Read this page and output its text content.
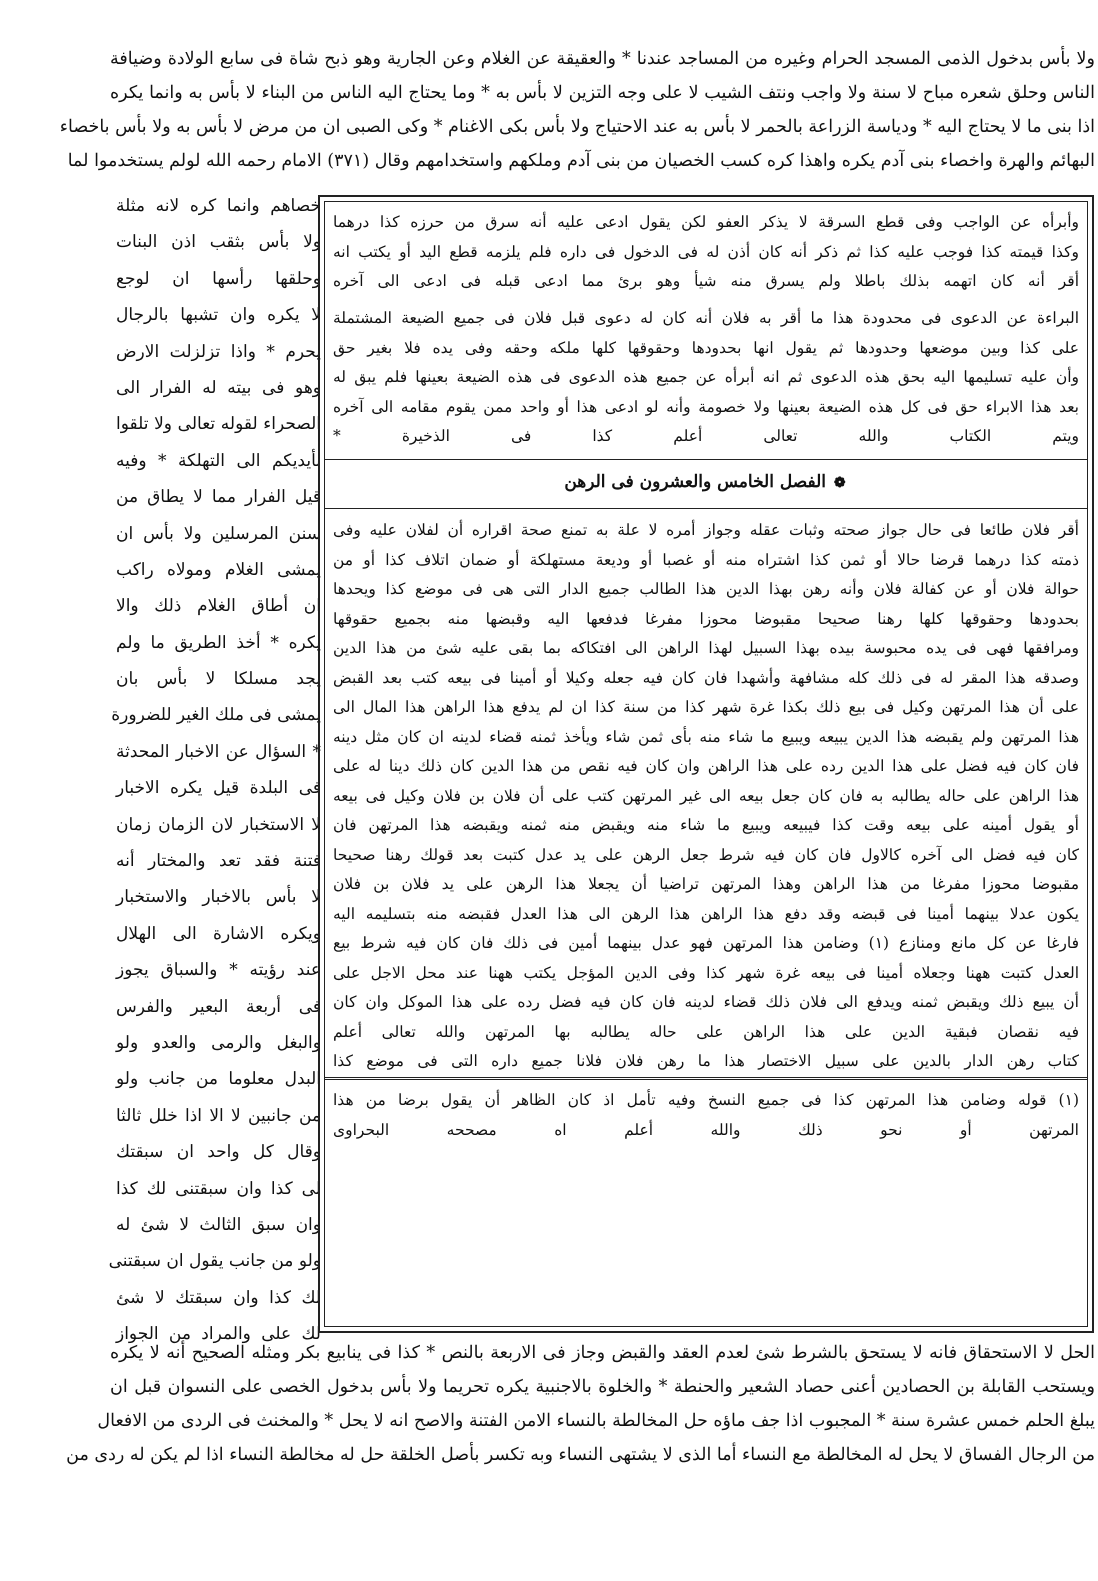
ولا بأس بدخول الذمى المسجد الحرام وغيره من المساجد عندنا * والعقيقة عن الغلام وعن الجارية وهو ذبح شاة فى سابع الولادة وضيافة
الناس وحلق شعره مباح لا سنة ولا واجب ونتف الشيب لا على وجه التزين لا بأس به * وما يحتاج اليه الناس من البناء لا بأس به وانما يكره
اذا بنى ما لا يحتاج اليه * ودياسة الزراعة بالحمر لا بأس به عند الاحتياج ولا بأس بكى الاغنام * وكى الصبى ان من مرض لا بأس به ولا بأس باخصاء
البهائم والهرة واخصاء بنى آدم يكره واهذا كره كسب الخصيان من بنى آدم وملكهم واستخدامهم وقال (٣٧١) الامام رحمه الله لولم يستخدموا لما
خصاهم وانما كره لانه مثلة
ولا بأس بثقب اذن البنات
وحلقها رأسها ان لوجع
لا يكره وان تشبها بالرجال
يحرم * واذا تزلزلت الارض
وهو فى بيته له الفرار الى
الصحراء لقوله تعالى ولا تلقوا
بأيديكم الى التهلكة * وفيه
قيل الفرار مما لا يطاق من
سنن المرسلين ولا بأس ان
يمشى الغلام ومولاه راكب
ان أطاق الغلام ذلك والا
يكره * أخذ الطريق ما ولم
يجد مسلكا لا بأس بان
يمشى فى ملك الغير للضرورة
* السؤال عن الاخبار المحدثة
فى البلدة قيل يكره الاخبار
لا الاستخبار لان الزمان زمان
فتنة فقد تعد والمختار أنه
لا بأس بالاخبار والاستخبار
ويكره الاشارة الى الهلال
عند رؤيته * والسباق يجوز
فى أربعة البعير والفرس
والبغل والرمى والعدو ولو
البدل معلوما من جانب ولو
من جانبين لا الا اذا خلل ثالثا
وقال كل واحد ان سبقتك
لى كذا وان سبقتنى لك كذا
وان سبق الثالث لا شئ له
ولو من جانب يقول ان سبقتنى
لك كذا وان سبقتك لا شئ
لك على والمراد من الجواز
وأبرأه عن الواجب وفى قطع السرقة لا يذكر العفو لكن يقول ادعى عليه أنه سرق من حرزه كذا درهما
وكذا قيمته كذا فوجب عليه كذا ثم ذكر أنه كان أذن له فى الدخول فى داره فلم يلزمه قطع اليد أو يكتب انه
أقر أنه كان اتهمه بذلك باطلا ولم يسرق منه شيأ وهو برئ مما ادعى قبله فى ادعى الى آخره
البراءة عن الدعوى فى محدودة هذا ما أقر به فلان أنه كان له دعوى قبل فلان فى جميع الضيعة المشتملة
على كذا وبين موضعها وحدودها ثم يقول انها بحدودها وحقوقها كلها ملكه وحقه وفى يده فلا بغير حق
وأن عليه تسليمها اليه بحق هذه الدعوى ثم انه أبرأه عن جميع هذه الدعوى فى هذه الضيعة بعينها فلم يبق له
بعد هذا الابراء حق فى كل هذه الضيعة بعينها ولا خصومة وأنه لو ادعى هذا أو واحد ممن يقوم مقامه الى آخره
ويتم الكتاب والله تعالى أعلم كذا فى الذخيرة *
❁ الفصل الخامس والعشرون فى الرهن
أقر فلان طائعا فى حال جواز صحته وثبات عقله وجواز أمره لا علة به تمنع صحة اقراره أن لفلان عليه وفى
ذمته كذا درهما قرضا حالا أو ثمن كذا اشتراه منه أو غصبا أو وديعة مستهلكة أو ضمان اتلاف كذا أو من
حوالة فلان أو عن كفالة فلان وأنه رهن بهذا الدين هذا الطالب جميع الدار التى هى فى موضع كذا ويحدها
بحدودها وحقوقها كلها رهنا صحيحا مقبوضا محوزا مفرغا فدفعها اليه وقبضها منه بجميع حقوقها
ومرافقها فهى فى يده محبوسة بيده بهذا السبيل لهذا الراهن الى افتكاكه بما بقى عليه شئ من هذا الدين
وصدقه هذا المقر له فى ذلك كله مشافهة وأشهدا فان كان فيه جعله وكيلا أو أمينا فى بيعه كتب بعد القبض
على أن هذا المرتهن وكيل فى بيع ذلك بكذا غرة شهر كذا من سنة كذا ان لم يدفع هذا الراهن هذا المال الى
هذا المرتهن ولم يقبضه هذا الدين يبيعه ويبيع ما شاء منه بأى ثمن شاء ويأخذ ثمنه قضاء لدينه ان كان مثل دينه
فان كان فيه فضل على هذا الدين رده على هذا الراهن وان كان فيه نقص من هذا الدين كان ذلك دينا له على
هذا الراهن على حاله يطالبه به فان كان جعل بيعه الى غير المرتهن كتب على أن فلان بن فلان وكيل فى بيعه
أو يقول أمينه على بيعه وقت كذا فيبيعه ويبيع ما شاء منه ويقبض منه ثمنه ويقبضه هذا المرتهن فان
كان فيه فضل الى آخره كالاول فان كان فيه شرط جعل الرهن على يد عدل كتبت بعد قولك رهنا صحيحا
مقبوضا محوزا مفرغا من هذا الراهن وهذا المرتهن تراضيا أن يجعلا هذا الرهن على يد فلان بن فلان
يكون عدلا بينهما أمينا فى قبضه وقد دفع هذا الراهن هذا الرهن الى هذا العدل فقبضه منه بتسليمه اليه
فارغا عن كل مانع ومنازع (١) وضامن هذا المرتهن فهو عدل بينهما أمين فى ذلك فان كان فيه شرط بيع
العدل كتبت ههنا وجعلاه أمينا فى بيعه غرة شهر كذا وفى الدين المؤجل يكتب ههنا عند محل الاجل على
أن يبيع ذلك ويقبض ثمنه ويدفع الى فلان ذلك قضاء لدينه فان كان فيه فضل رده على هذا الموكل وان كان
فيه نقصان فبقية الدين على هذا الراهن على حاله يطالبه بها المرتهن والله تعالى أعلم
كتاب رهن الدار بالدين على سبيل الاختصار هذا ما رهن فلان فلانا جميع داره التى فى موضع كذا
(١) قوله وضامن هذا المرتهن كذا فى جميع النسخ وفيه تأمل اذ كان الظاهر أن يقول برضا من هذا
المرتهن أو نحو ذلك والله أعلم اه مصححه البحراوى
الحل لا الاستحقاق فانه لا يستحق بالشرط شئ لعدم العقد والقبض وجاز فى الاربعة بالنص * كذا فى ينابيع بكر ومثله الصحيح أنه لا يكره
ويستحب القابلة بن الحصادين أعنى حصاد الشعير والحنطة * والخلوة بالاجنبية يكره تحريما ولا بأس بدخول الخصى على النسوان قبل ان
يبلغ الحلم خمس عشرة سنة * المجبوب اذا جف ماؤه حل المخالطة بالنساء الامن الفتنة والاصح انه لا يحل * والمخنث فى الردى من الافعال
من الرجال الفساق لا يحل له المخالطة مع النساء أما الذى لا يشتهى النساء وبه تكسر بأصل الخلقة حل له مخالطة النساء اذا لم يكن له ردى من
